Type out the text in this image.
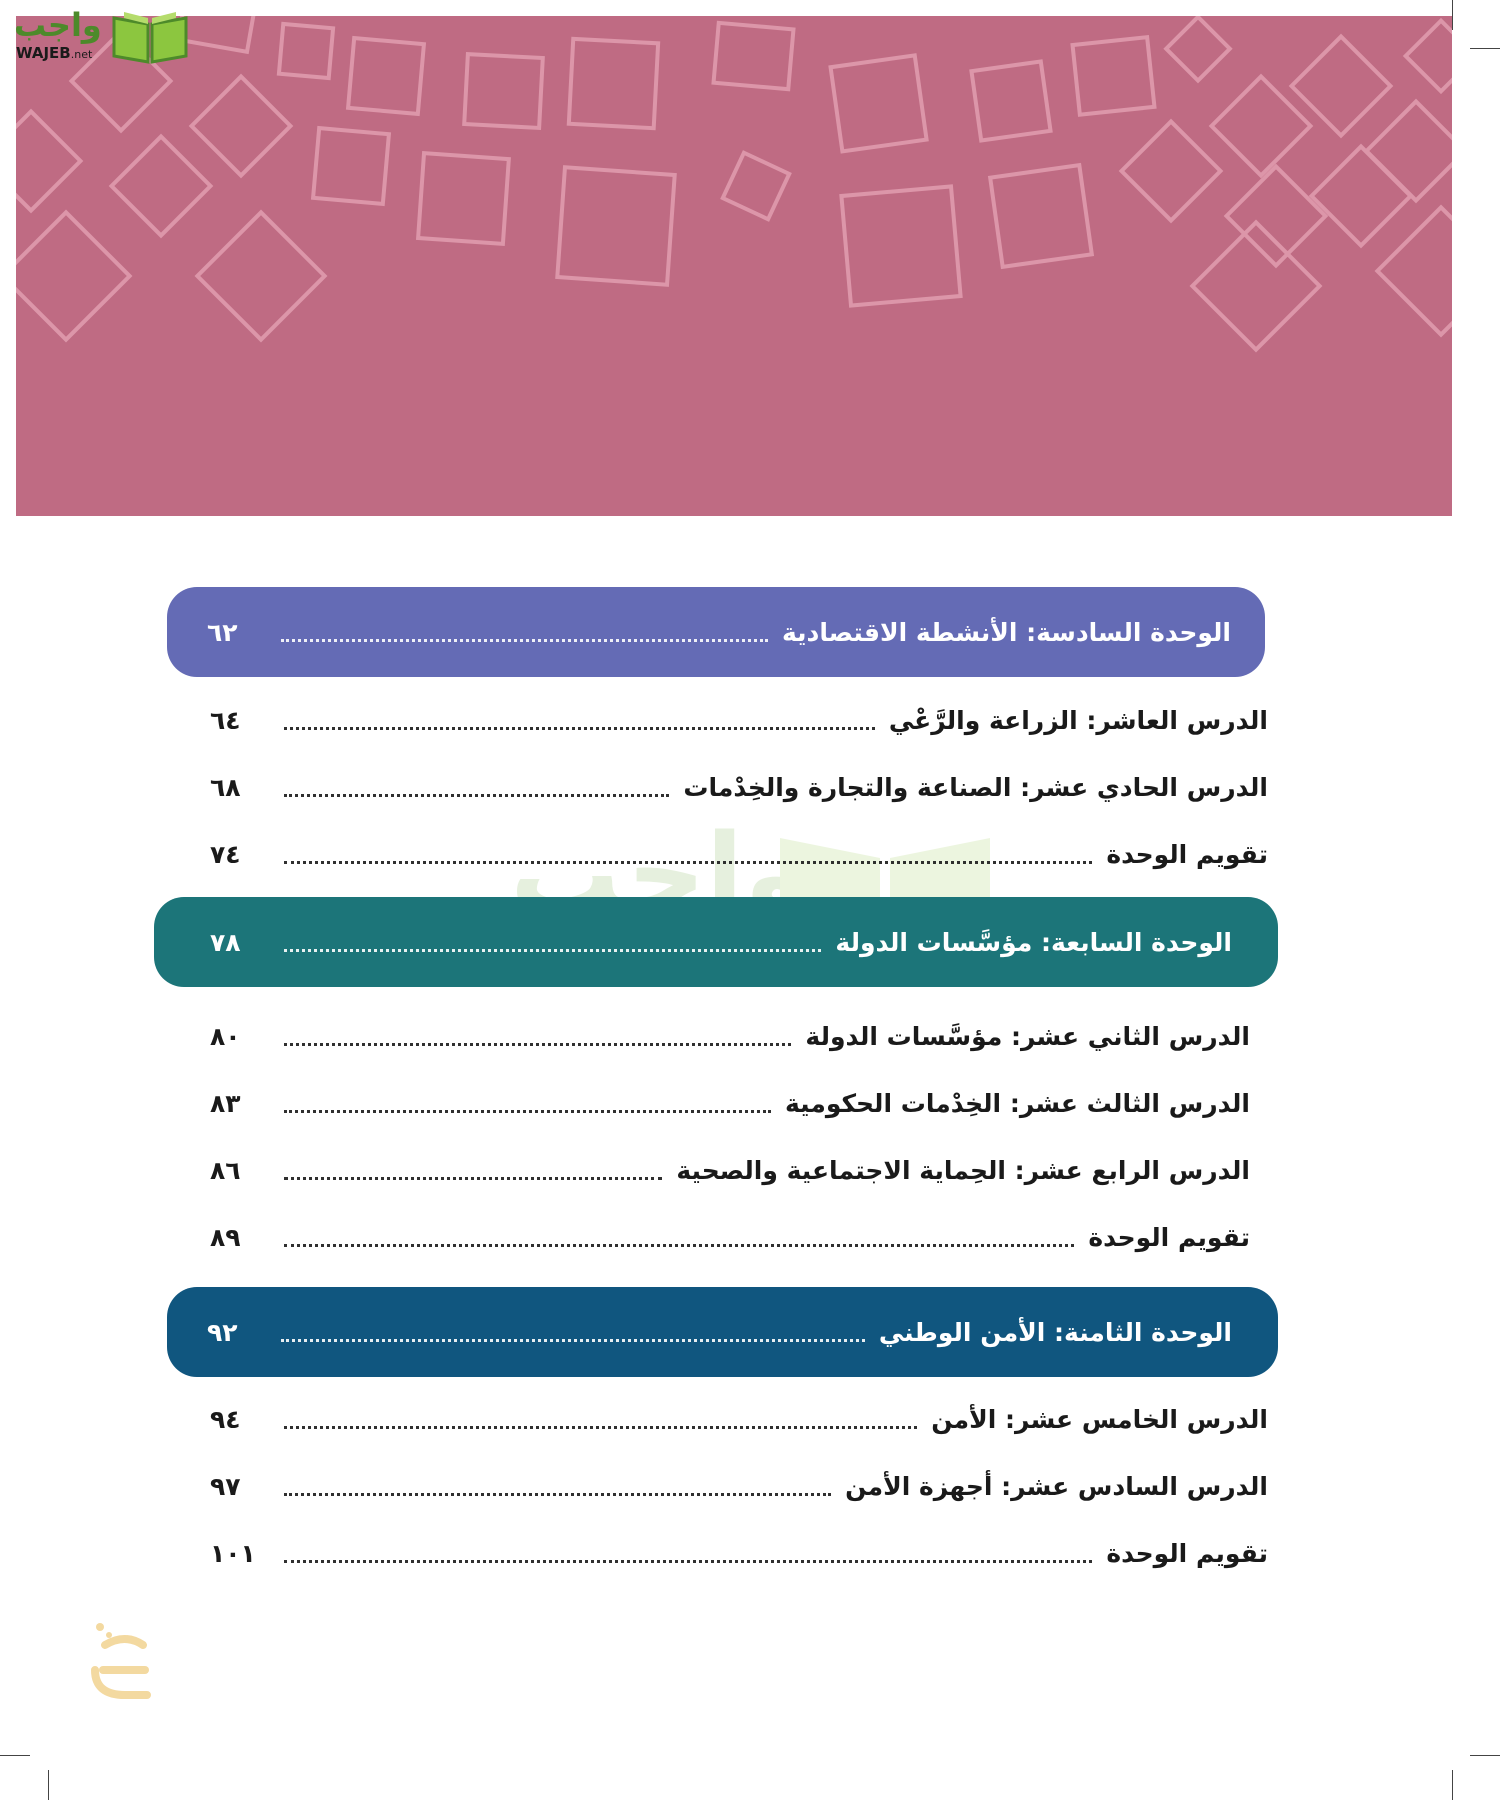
واجب
WAJEB.net
واجب
الوحدة السادسة: الأنشطة الاقتصادية
٦٢
الدرس العاشر: الزراعة والرَّعْي
٦٤
الدرس الحادي عشر: الصناعة والتجارة والخِدْمات
٦٨
تقويم الوحدة
٧٤
الوحدة السابعة: مؤسَّسات الدولة
٧٨
الدرس الثاني عشر: مؤسَّسات الدولة
٨٠
الدرس الثالث عشر: الخِدْمات الحكومية
٨٣
الدرس الرابع عشر: الحِماية الاجتماعية والصحية
٨٦
تقويم الوحدة
٨٩
الوحدة الثامنة: الأمن الوطني
٩٢
الدرس الخامس عشر: الأمن
٩٤
الدرس السادس عشر: أجهزة الأمن
٩٧
تقويم الوحدة
١٠١
